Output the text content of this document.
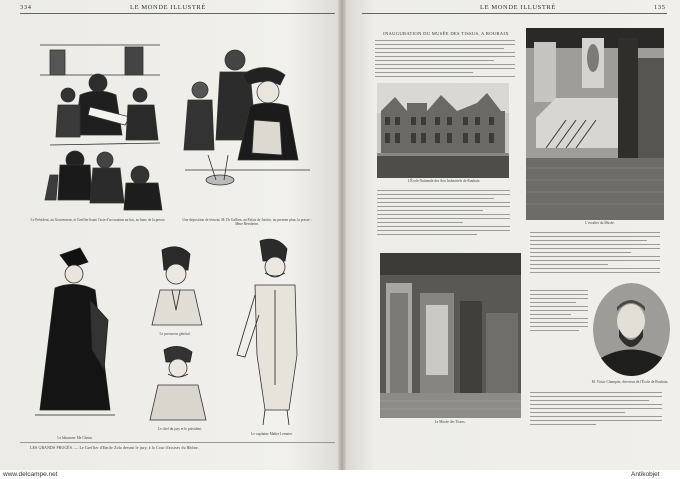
334	LE MONDE ILLUSTRÉ
Le Président, au Gouverneur, et Greffier lisant l'acte d'accusation au bas, au banc de la presse.	Une déposition de témoin, M. Dr Gallien, au Palais de Justice, au premier plan, la presse : Mme Bernheim.
Le bâtonnier Me Chenu.
Le procureur général.
Le chef du jury et le président.
Le capitaine Maître Lemaire.
LES GRANDS PROCÈS. — Le Greffier d'Emile Zola devant le jury, à la Cour d'assises du Rhône.
LE MONDE ILLUSTRÉ	135
INAUGURATION DU MUSÉE DES TISSUS, A ROUBAIX
L'École Nationale des Arts Industriels de Roubaix.
L'escalier du Musée.
Le Musée des Tissus.
M. Victor Champier, directeur de l'École de Roubaix.
www.delcampe.net	Antikobjet
